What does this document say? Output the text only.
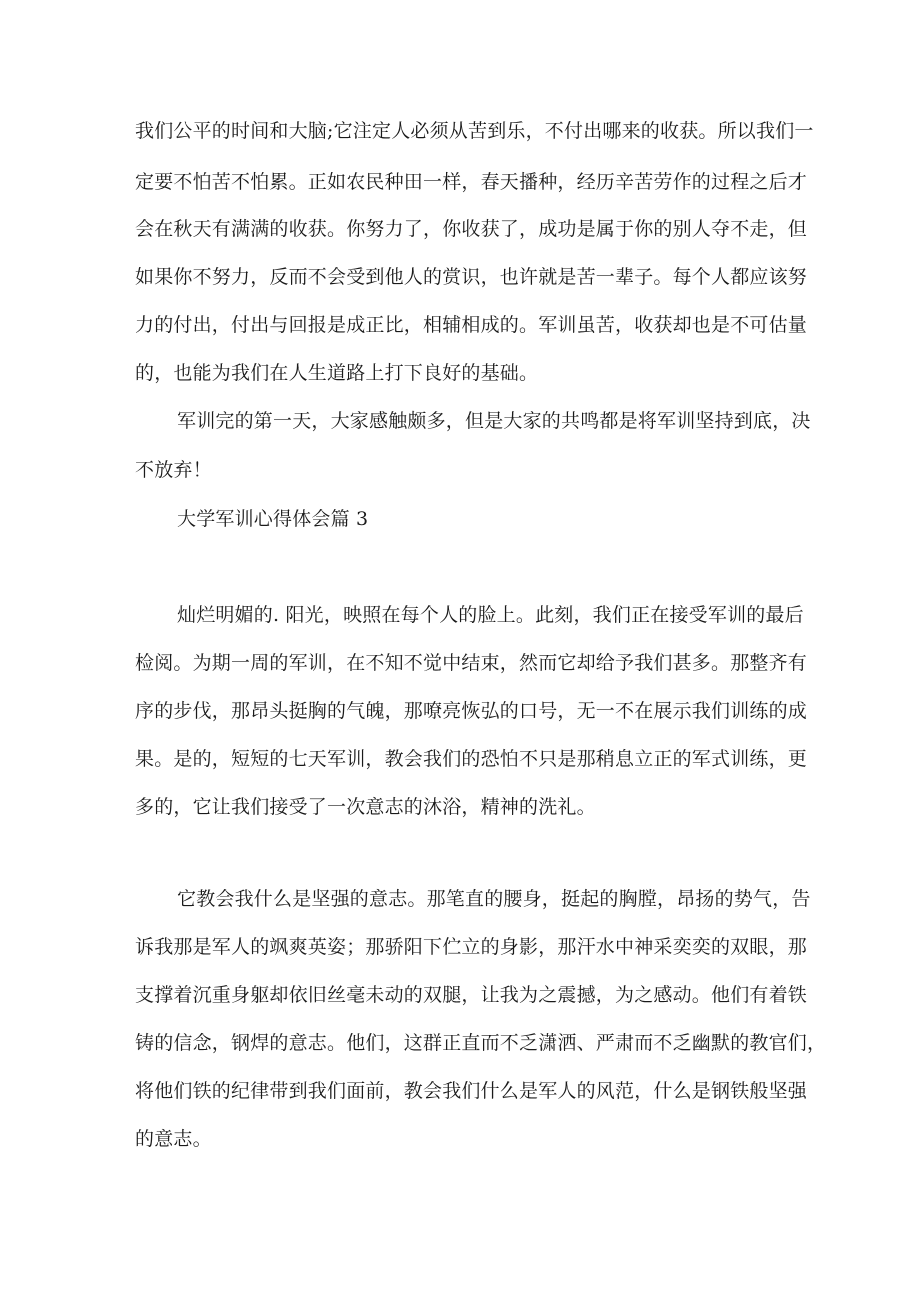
我们公平的时间和大脑;它注定人必须从苦到乐，不付出哪来的收获。所以我们一
定要不怕苦不怕累。正如农民种田一样，春天播种，经历辛苦劳作的过程之后才
会在秋天有满满的收获。你努力了，你收获了，成功是属于你的别人夺不走，但
如果你不努力，反而不会受到他人的赏识，也许就是苦一辈子。每个人都应该努
力的付出，付出与回报是成正比，相辅相成的。军训虽苦，收获却也是不可估量
的，也能为我们在人生道路上打下良好的基础。
军训完的第一天，大家感触颇多，但是大家的共鸣都是将军训坚持到底，决
不放弃！
大学军训心得体会篇 3
灿烂明媚的. 阳光，映照在每个人的脸上。此刻，我们正在接受军训的最后
检阅。为期一周的军训，在不知不觉中结束，然而它却给予我们甚多。那整齐有
序的步伐，那昂头挺胸的气魄，那嘹亮恢弘的口号，无一不在展示我们训练的成
果。是的，短短的七天军训，教会我们的恐怕不只是那稍息立正的军式训练，更
多的，它让我们接受了一次意志的沐浴，精神的洗礼。
它教会我什么是坚强的意志。那笔直的腰身，挺起的胸膛，昂扬的势气，告
诉我那是军人的飒爽英姿；那骄阳下伫立的身影，那汗水中神采奕奕的双眼，那
支撑着沉重身躯却依旧丝毫未动的双腿，让我为之震撼，为之感动。他们有着铁
铸的信念，钢焊的意志。他们，这群正直而不乏潇洒、严肃而不乏幽默的教官们，
将他们铁的纪律带到我们面前，教会我们什么是军人的风范，什么是钢铁般坚强
的意志。
